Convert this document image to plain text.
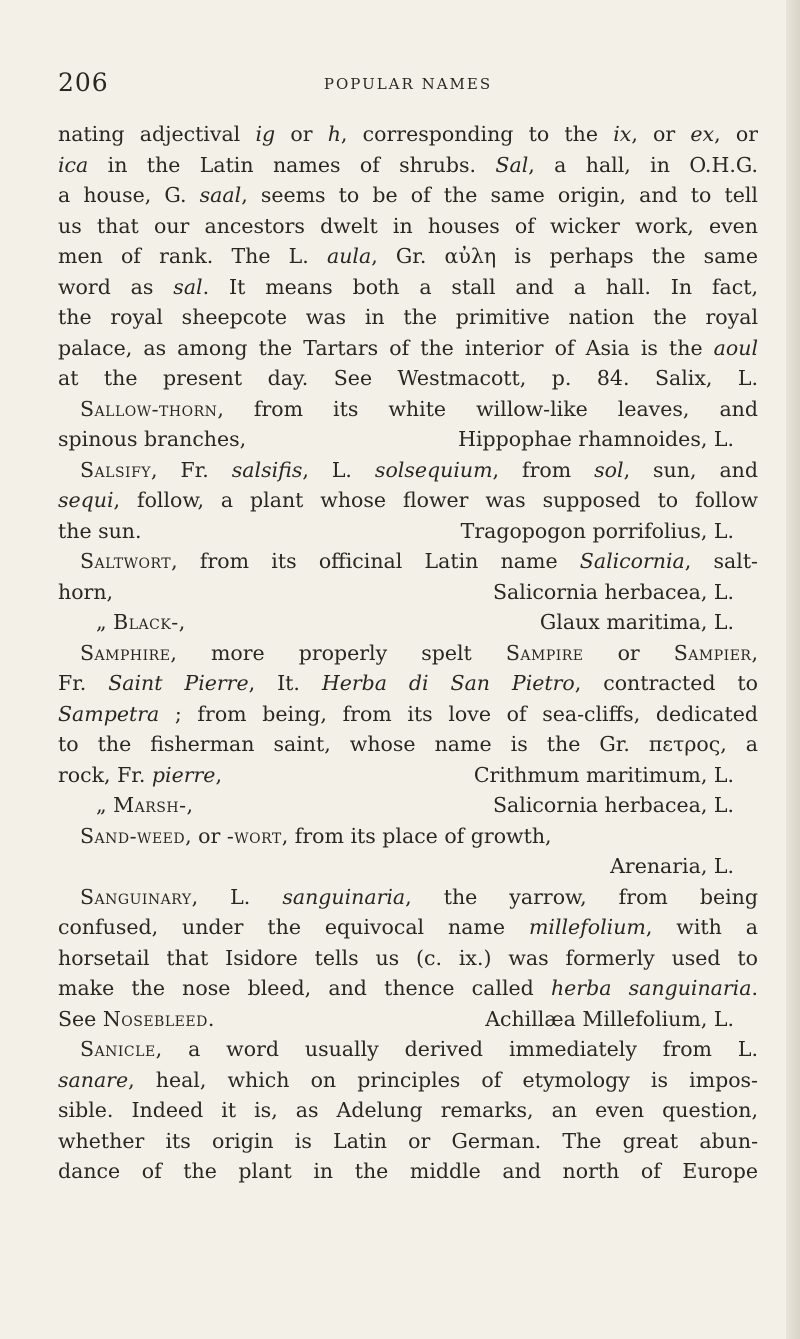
206	POPULAR NAMES
nating adjectival ig or h, corresponding to the ix, or ex, or
ica in the Latin names of shrubs. Sal, a hall, in O.H.G.
a house, G. saal, seems to be of the same origin, and to tell
us that our ancestors dwelt in houses of wicker work, even
men of rank. The L. aula, Gr. αὐλη is perhaps the same
word as sal. It means both a stall and a hall. In fact,
the royal sheepcote was in the primitive nation the royal
palace, as among the Tartars of the interior of Asia is the aoul
at the present day. See Westmacott, p. 84. Salix, L.
Sallow-thorn, from its white willow-like leaves, and
spinous branches,	Hippophae rhamnoides, L.
Salsify, Fr. salsifis, L. solsequium, from sol, sun, and
sequi, follow, a plant whose flower was supposed to follow
the sun.	Tragopogon porrifolius, L.
Saltwort, from its officinal Latin name Salicornia, salt-
horn,	Salicornia herbacea, L.
„ Black-,	Glaux maritima, L.
Samphire, more properly spelt Sampire or Sampier,
Fr. Saint Pierre, It. Herba di San Pietro, contracted to
Sampetra ; from being, from its love of sea-cliffs, dedicated
to the fisherman saint, whose name is the Gr. πετρος, a
rock, Fr. pierre,	Crithmum maritimum, L.
„ Marsh-,	Salicornia herbacea, L.
Sand-weed, or -wort, from its place of growth,
Arenaria, L.
Sanguinary, L. sanguinaria, the yarrow, from being
confused, under the equivocal name millefolium, with a
horsetail that Isidore tells us (c. ix.) was formerly used to
make the nose bleed, and thence called herba sanguinaria.
See Nosebleed.	Achillæa Millefolium, L.
Sanicle, a word usually derived immediately from L.
sanare, heal, which on principles of etymology is impos-
sible. Indeed it is, as Adelung remarks, an even question,
whether its origin is Latin or German. The great abun-
dance of the plant in the middle and north of Europe
